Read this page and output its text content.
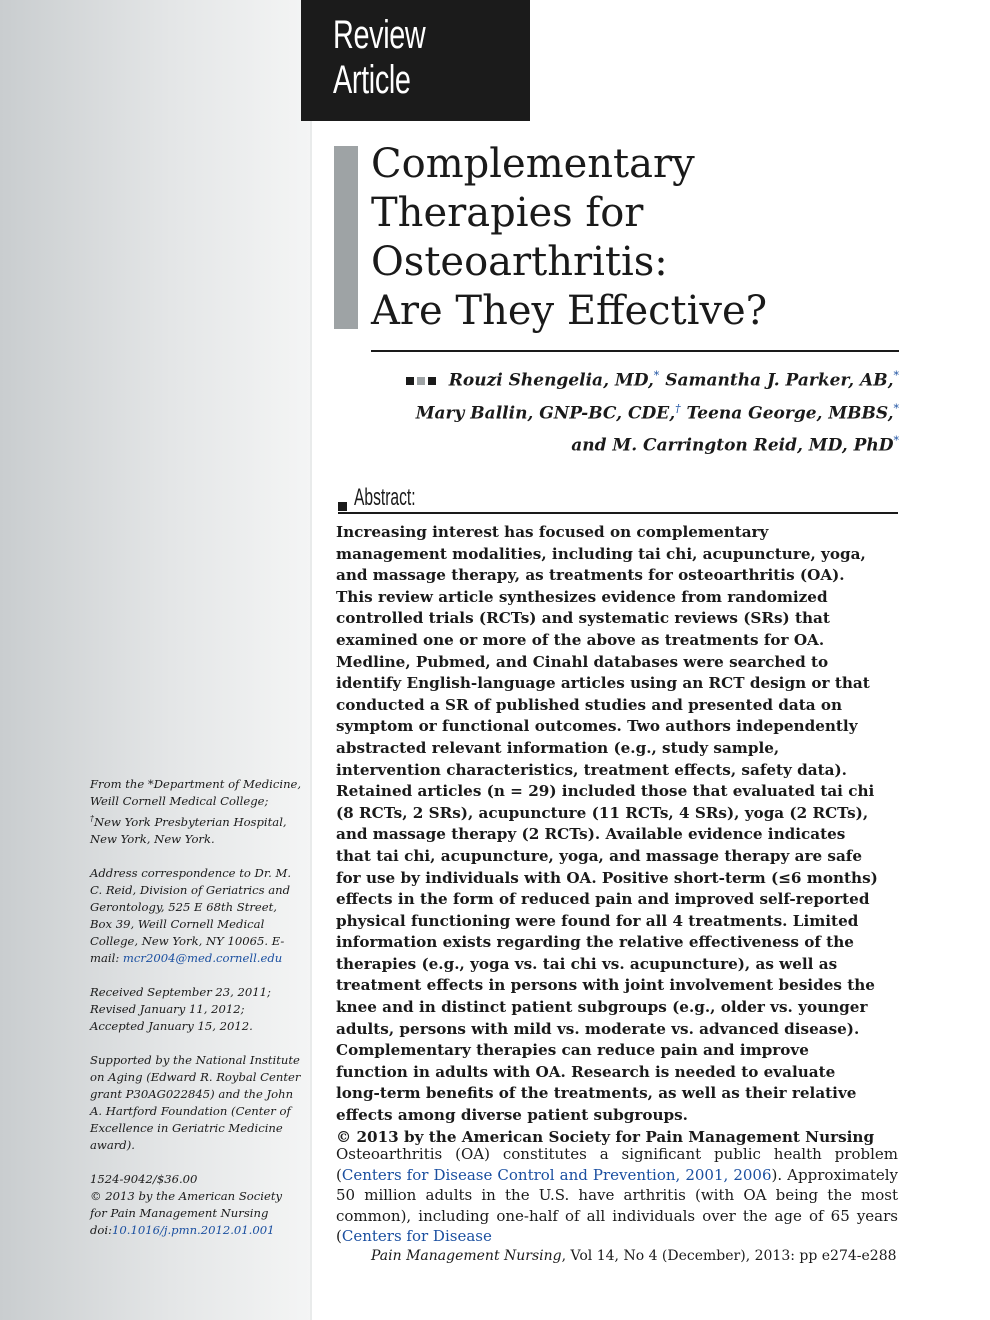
Review Article
Complementary
Therapies for
Osteoarthritis:
Are They Effective?
Rouzi Shengelia, MD,* Samantha J. Parker, AB,*
Mary Ballin, GNP-BC, CDE,† Teena George, MBBS,*
and M. Carrington Reid, MD, PhD*
Abstract:

Increasing interest has focused on complementary management modalities, including tai chi, acupuncture, yoga, and massage therapy, as treatments for osteoarthritis (OA). This review article synthesizes evidence from randomized controlled trials (RCTs) and systematic reviews (SRs) that examined one or more of the above as treatments for OA. Medline, Pubmed, and Cinahl databases were searched to identify English-language articles using an RCT design or that conducted a SR of published studies and presented data on symptom or functional outcomes. Two authors independently abstracted relevant information (e.g., study sample, intervention characteristics, treatment effects, safety data). Retained articles (n = 29) included those that evaluated tai chi (8 RCTs, 2 SRs), acupuncture (11 RCTs, 4 SRs), yoga (2 RCTs), and massage therapy (2 RCTs). Available evidence indicates that tai chi, acupuncture, yoga, and massage therapy are safe for use by individuals with OA. Positive short-term (≤6 months) effects in the form of reduced pain and improved self-reported physical functioning were found for all 4 treatments. Limited information exists regarding the relative effectiveness of the therapies (e.g., yoga vs. tai chi vs. acupuncture), as well as treatment effects in persons with joint involvement besides the knee and in distinct patient subgroups (e.g., older vs. younger adults, persons with mild vs. moderate vs. advanced disease). Complementary therapies can reduce pain and improve function in adults with OA. Research is needed to evaluate long-term benefits of the treatments, as well as their relative effects among diverse patient subgroups.

© 2013 by the American Society for Pain Management Nursing

From the *Department of Medicine, Weill Cornell Medical College; †New York Presbyterian Hospital, New York, New York.

Address correspondence to Dr. M. C. Reid, Division of Geriatrics and Gerontology, 525 E 68th Street, Box 39, Weill Cornell Medical College, New York, NY 10065. E-mail: mcr2004@med.cornell.edu

Received September 23, 2011;
Revised January 11, 2012;
Accepted January 15, 2012.

Supported by the National Institute on Aging (Edward R. Roybal Center grant P30AG022845) and the John A. Hartford Foundation (Center of Excellence in Geriatric Medicine award).

1524-9042/$36.00
© 2013 by the American Society for Pain Management Nursing
doi:10.1016/j.pmn.2012.01.001

Osteoarthritis (OA) constitutes a significant public health problem (Centers for Disease Control and Prevention, 2001, 2006). Approximately 50 million adults in the U.S. have arthritis (with OA being the most common), including one-half of all individuals over the age of 65 years (Centers for Disease

Pain Management Nursing, Vol 14, No 4 (December), 2013: pp e274-e288
